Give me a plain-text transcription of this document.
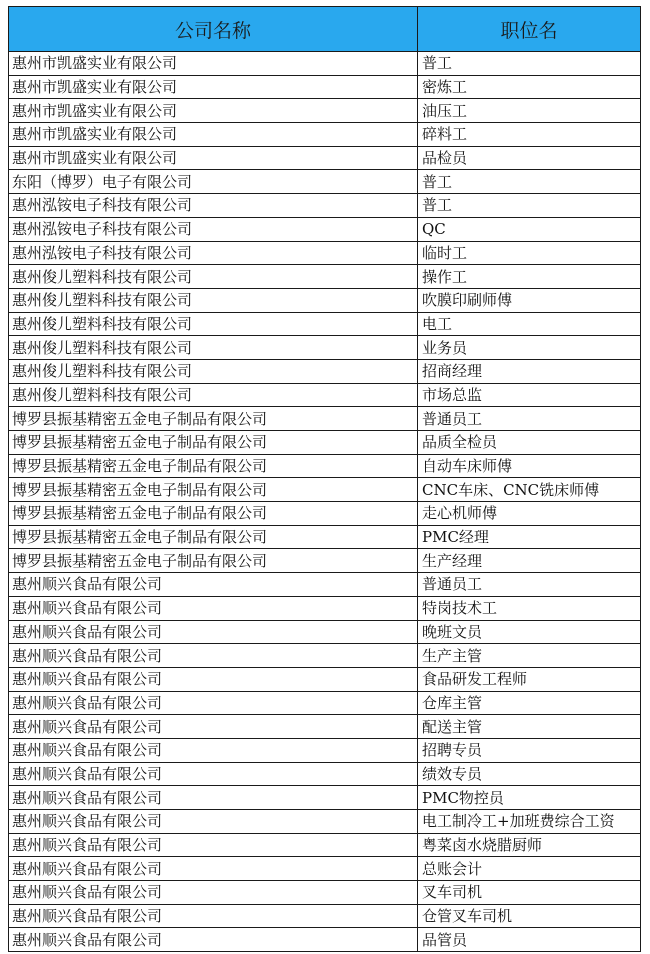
公司名称	职位名
惠州市凯盛实业有限公司	普工
惠州市凯盛实业有限公司	密炼工
惠州市凯盛实业有限公司	油压工
惠州市凯盛实业有限公司	碎料工
惠州市凯盛实业有限公司	品检员
东阳（博罗）电子有限公司	普工
惠州泓铵电子科技有限公司	普工
惠州泓铵电子科技有限公司	QC
惠州泓铵电子科技有限公司	临时工
惠州俊儿塑料科技有限公司	操作工
惠州俊儿塑料科技有限公司	吹膜印刷师傅
惠州俊儿塑料科技有限公司	电工
惠州俊儿塑料科技有限公司	业务员
惠州俊儿塑料科技有限公司	招商经理
惠州俊儿塑料科技有限公司	市场总监
博罗县振基精密五金电子制品有限公司	普通员工
博罗县振基精密五金电子制品有限公司	品质全检员
博罗县振基精密五金电子制品有限公司	自动车床师傅
博罗县振基精密五金电子制品有限公司	CNC车床、CNC铣床师傅
博罗县振基精密五金电子制品有限公司	走心机师傅
博罗县振基精密五金电子制品有限公司	PMC经理
博罗县振基精密五金电子制品有限公司	生产经理
惠州顺兴食品有限公司	普通员工
惠州顺兴食品有限公司	特岗技术工
惠州顺兴食品有限公司	晚班文员
惠州顺兴食品有限公司	生产主管
惠州顺兴食品有限公司	食品研发工程师
惠州顺兴食品有限公司	仓库主管
惠州顺兴食品有限公司	配送主管
惠州顺兴食品有限公司	招聘专员
惠州顺兴食品有限公司	绩效专员
惠州顺兴食品有限公司	PMC物控员
惠州顺兴食品有限公司	电工制冷工+加班费综合工资
惠州顺兴食品有限公司	粤菜卤水烧腊厨师
惠州顺兴食品有限公司	总账会计
惠州顺兴食品有限公司	叉车司机
惠州顺兴食品有限公司	仓管叉车司机
惠州顺兴食品有限公司	品管员
